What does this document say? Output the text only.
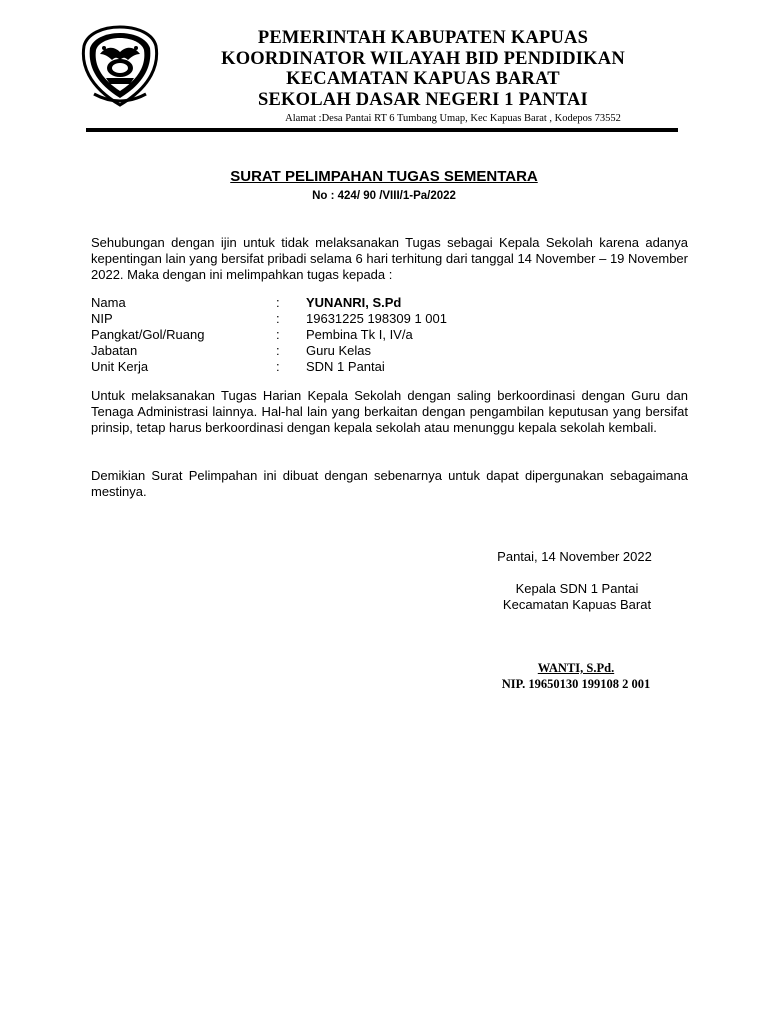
PEMERINTAH KABUPATEN KAPUAS
KOORDINATOR WILAYAH BID PENDIDIKAN
KECAMATAN KAPUAS BARAT
SEKOLAH DASAR NEGERI 1 PANTAI
Alamat :Desa Pantai RT 6 Tumbang Umap, Kec Kapuas Barat , Kodepos 73552
SURAT PELIMPAHAN TUGAS SEMENTARA
No : 424/ 90 /VIII/1-Pa/2022
Sehubungan dengan ijin untuk tidak melaksanakan Tugas sebagai Kepala Sekolah karena adanya kepentingan lain yang bersifat pribadi selama 6 hari terhitung dari tanggal 14 November – 19 November 2022. Maka dengan ini melimpahkan tugas kepada :
Nama	: YUNANRI, S.Pd
NIP	: 19631225 198309 1 001
Pangkat/Gol/Ruang	: Pembina Tk I, IV/a
Jabatan	: Guru Kelas
Unit Kerja	: SDN 1 Pantai
Untuk melaksanakan Tugas Harian Kepala Sekolah dengan saling berkoordinasi dengan Guru dan Tenaga Administrasi lainnya. Hal-hal lain yang berkaitan dengan pengambilan keputusan yang bersifat prinsip, tetap harus berkoordinasi dengan kepala sekolah atau menunggu kepala sekolah kembali.
Demikian Surat Pelimpahan ini dibuat dengan sebenarnya untuk dapat dipergunakan sebagaimana mestinya.
Pantai, 14 November 2022
Kepala SDN 1 Pantai
Kecamatan Kapuas Barat
WANTI, S.Pd.
NIP. 19650130 199108 2 001
